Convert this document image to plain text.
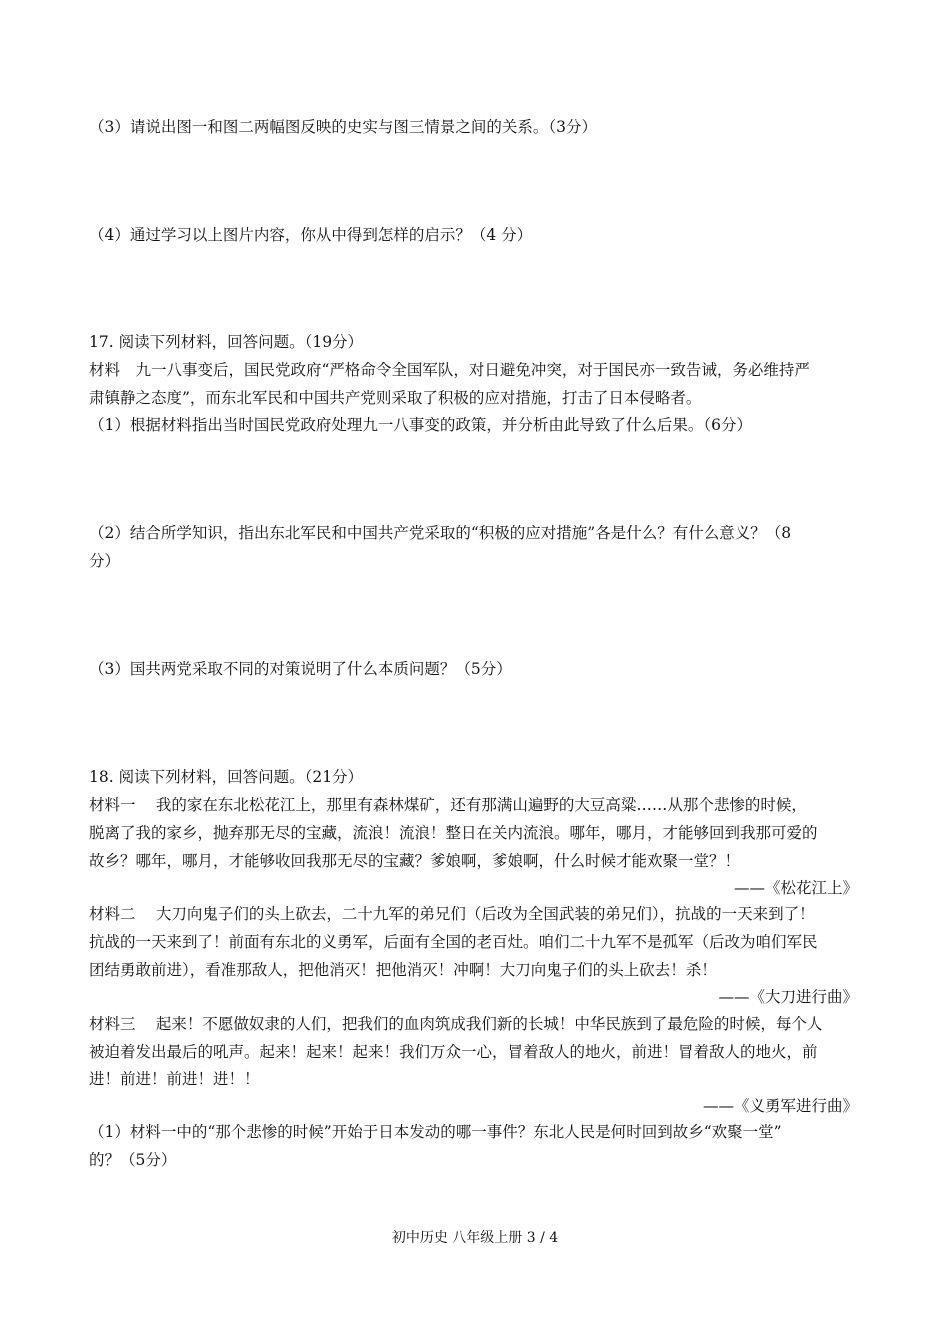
（3）请说出图一和图二两幅图反映的史实与图三情景之间的关系。（3分）
（4）通过学习以上图片内容，你从中得到怎样的启示？（4 分）
17. 阅读下列材料，回答问题。（19分）
材料　九一八事变后，国民党政府“严格命令全国军队，对日避免冲突，对于国民亦一致告诫，务必维持严
肃镇静之态度”，而东北军民和中国共产党则采取了积极的应对措施，打击了日本侵略者。
（1）根据材料指出当时国民党政府处理九一八事变的政策，并分析由此导致了什么后果。（6分）
（2）结合所学知识，指出东北军民和中国共产党采取的“积极的应对措施”各是什么？有什么意义？（8
分）
（3）国共两党采取不同的对策说明了什么本质问题？（5分）
18. 阅读下列材料，回答问题。（21分）
材料一　 我的家在东北松花江上，那里有森林煤矿，还有那满山遍野的大豆高粱……从那个悲惨的时候，
脱离了我的家乡，抛弃那无尽的宝藏，流浪！流浪！整日在关内流浪。哪年，哪月，才能够回到我那可爱的
故乡？哪年，哪月，才能够收回我那无尽的宝藏？爹娘啊，爹娘啊，什么时候才能欢聚一堂？！
——《松花江上》
材料二　 大刀向鬼子们的头上砍去，二十九军的弟兄们（后改为全国武装的弟兄们），抗战的一天来到了！
抗战的一天来到了！前面有东北的义勇军，后面有全国的老百灶。咱们二十九军不是孤军（后改为咱们军民
团结勇敢前进），看准那敌人，把他消灭！把他消灭！冲啊！大刀向鬼子们的头上砍去！杀！
——《大刀进行曲》
材料三　 起来！不愿做奴隶的人们，把我们的血肉筑成我们新的长城！中华民族到了最危险的时候，每个人
被迫着发出最后的吼声。起来！起来！起来！我们万众一心，冒着敌人的地火，前进！冒着敌人的地火，前
进！前进！前进！进！！
——《义勇军进行曲》
（1）材料一中的“那个悲惨的时候”开始于日本发动的哪一事件？东北人民是何时回到故乡“欢聚一堂”
的？（5分）
初中历史 八年级上册 3 / 4
